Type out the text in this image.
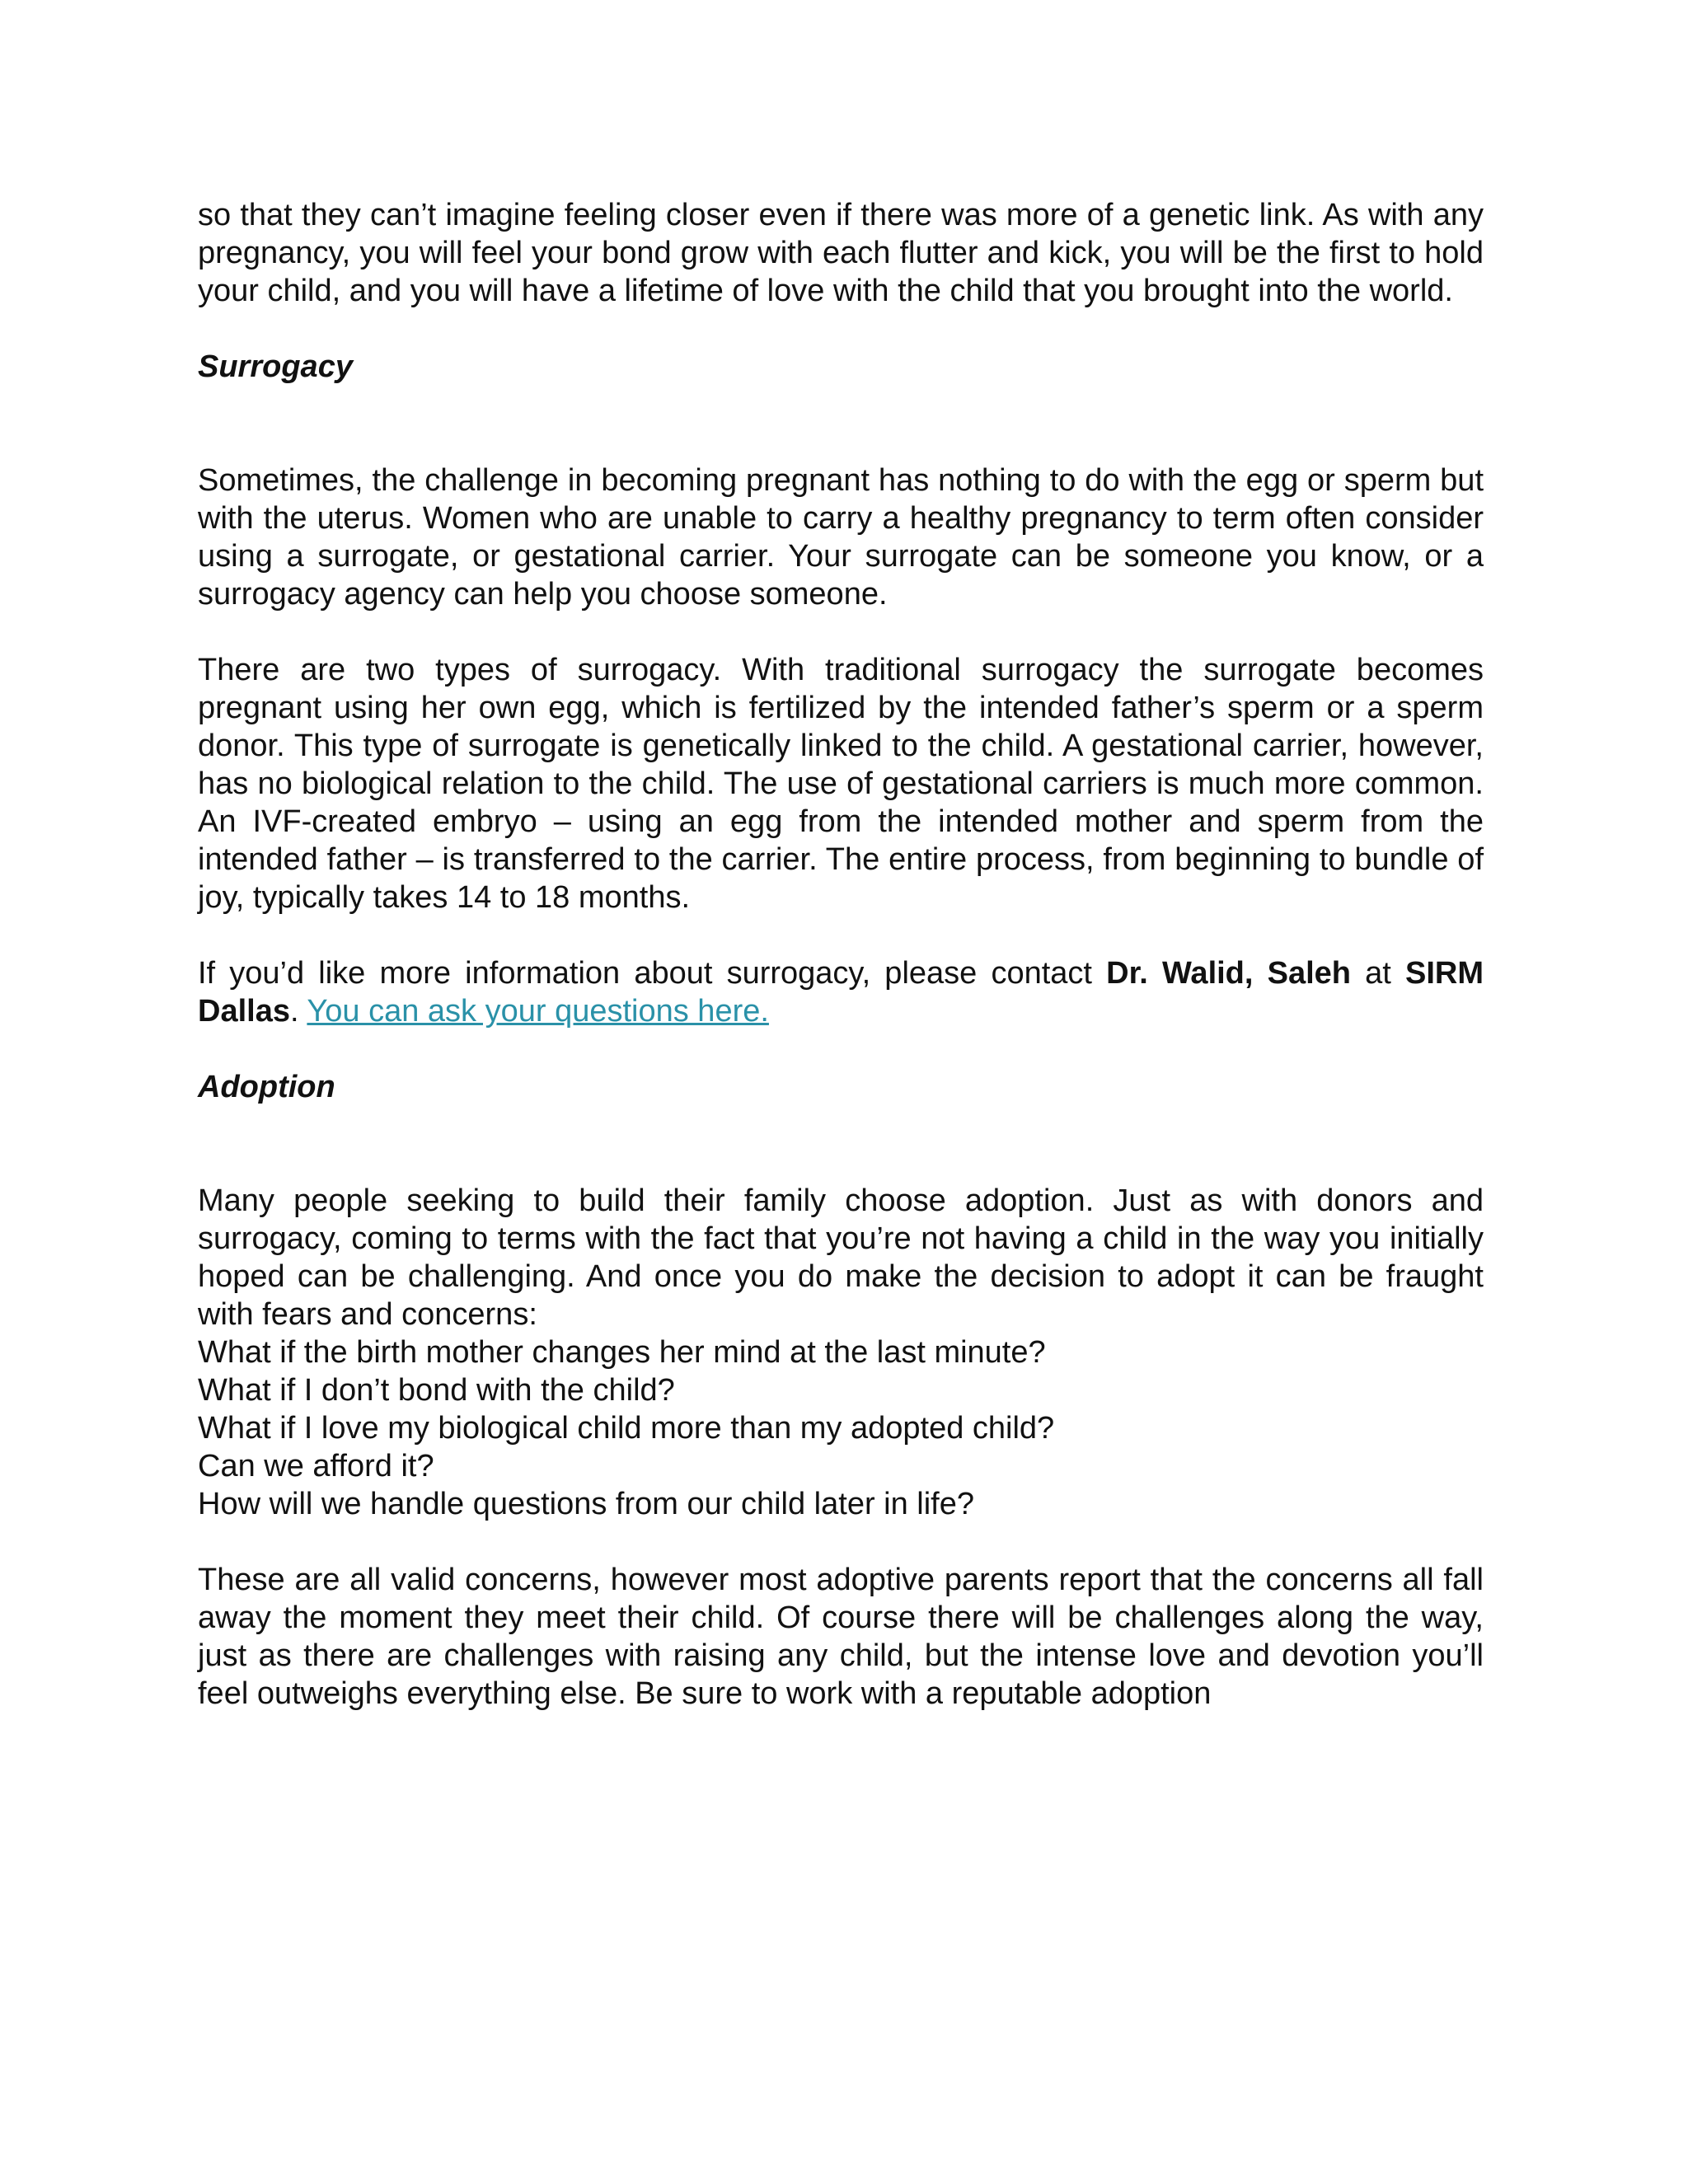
so that they can’t imagine feeling closer even if there was more of a genetic link. As with any pregnancy, you will feel your bond grow with each flutter and kick, you will be the first to hold your child, and you will have a lifetime of love with the child that you brought into the world.

Surrogacy

Sometimes, the challenge in becoming pregnant has nothing to do with the egg or sperm but with the uterus. Women who are unable to carry a healthy pregnancy to term often consider using a surrogate, or gestational carrier. Your surrogate can be someone you know, or a surrogacy agency can help you choose someone.

There are two types of surrogacy. With traditional surrogacy the surrogate becomes pregnant using her own egg, which is fertilized by the intended father’s sperm or a sperm donor. This type of surrogate is genetically linked to the child. A gestational carrier, however, has no biological relation to the child. The use of gestational carriers is much more common. An IVF-created embryo – using an egg from the intended mother and sperm from the intended father – is transferred to the carrier. The entire process, from beginning to bundle of joy, typically takes 14 to 18 months.

If you’d like more information about surrogacy, please contact Dr. Walid, Saleh at SIRM Dallas. You can ask your questions here.

Adoption

Many people seeking to build their family choose adoption. Just as with donors and surrogacy, coming to terms with the fact that you’re not having a child in the way you initially hoped can be challenging. And once you do make the decision to adopt it can be fraught with fears and concerns:

What if the birth mother changes her mind at the last minute?

What if I don’t bond with the child?

What if I love my biological child more than my adopted child?

Can we afford it?

How will we handle questions from our child later in life?

These are all valid concerns, however most adoptive parents report that the concerns all fall away the moment they meet their child. Of course there will be challenges along the way, just as there are challenges with raising any child, but the intense love and devotion you’ll feel outweighs everything else. Be sure to work with a reputable adoption
